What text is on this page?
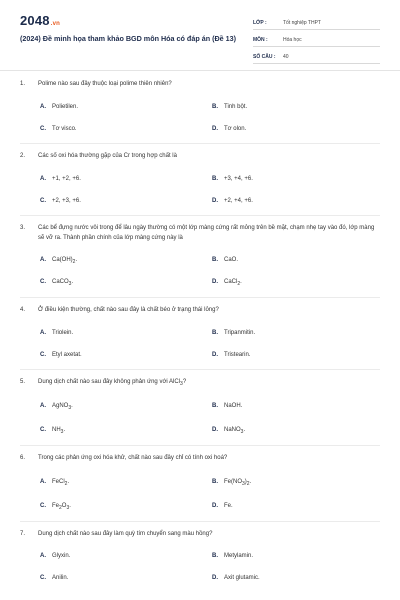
2048.vn
(2024) Đề minh họa tham khảo BGD môn Hóa có đáp án (Đề 13)
LỚP :	Tốt nghiệp THPT
MÔN :	Hóa học
SỐ CÂU :	40
1. Polime nào sau đây thuộc loại polime thiên nhiên?
A. Polietilen.	B. Tinh bột.
C. Tơ visco.	D. Tơ olon.
2. Các số oxi hóa thường gặp của Cr trong hợp chất là
A. +1, +2, +6.	B. +3, +4, +6.
C. +2, +3, +6.	D. +2, +4, +6.
3. Các bể đựng nước vôi trong để lâu ngày thường có một lớp màng cứng rất mỏng trên bề mặt, chạm nhẹ tay vào đó, lớp màng sẽ vỡ ra. Thành phần chính của lớp màng cứng này là
A. $Ca(OH)_2$.	B. CaO.
C. CaCO$_3$.	D. CaCl$_2$.
4. Ở điều kiện thường, chất nào sau đây là chất béo ở trạng thái lỏng?
A. Triolein.	B. Tripanmitin.
C. Etyl axetat.	D. Tristearin.
5. Dung dịch chất nào sau đây không phản ứng với AlCl$_3$?
A. AgNO$_3$.	B. NaOH.
C. $NH_3$.	D. NaNO$_3$.
6. Trong các phản ứng oxi hóa khử, chất nào sau đây chỉ có tính oxi hoá?
A. FeCl$_2$.	B. $Fe(NO_3)_2$.
C. $Fe_2O_3$.	D. Fe.
7. Dung dịch chất nào sau đây làm quỳ tím chuyển sang màu hồng?
A. Glyxin.	B. Metylamin.
C. Anilin.	D. Axit glutamic.
